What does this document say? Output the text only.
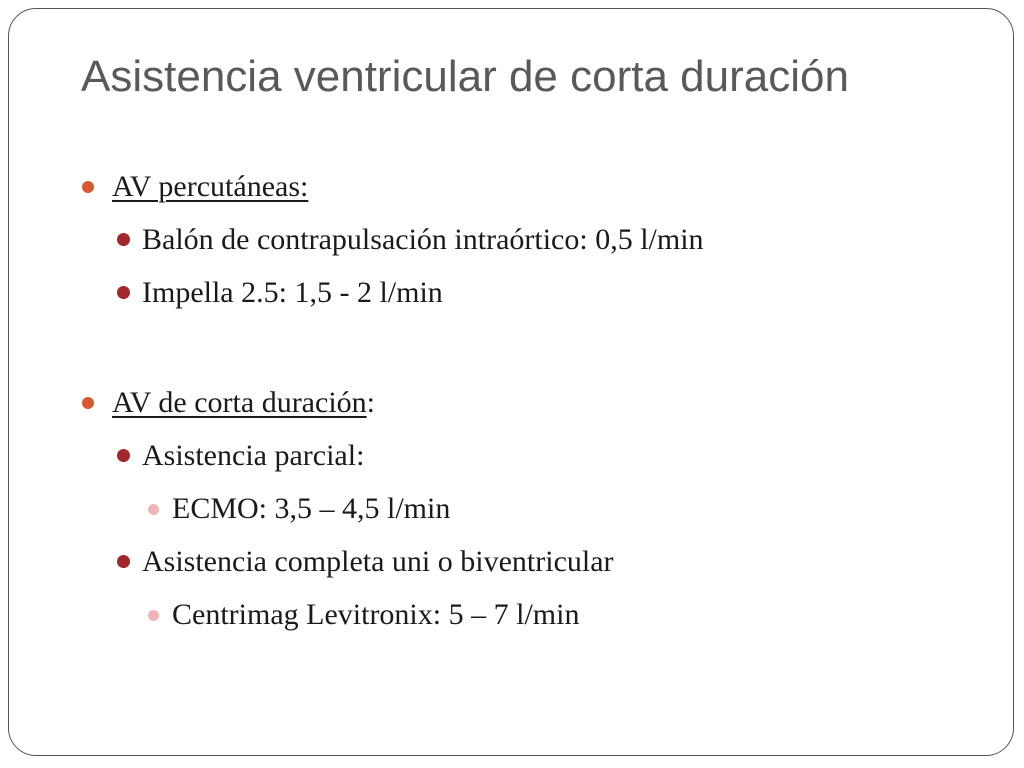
Asistencia ventricular de corta duración
AV percutáneas:
Balón de contrapulsación intraórtico: 0,5 l/min
Impella 2.5: 1,5 - 2 l/min
AV de corta duración:
Asistencia parcial:
ECMO: 3,5 – 4,5 l/min
Asistencia completa uni o biventricular
Centrimag Levitronix: 5 – 7 l/min
